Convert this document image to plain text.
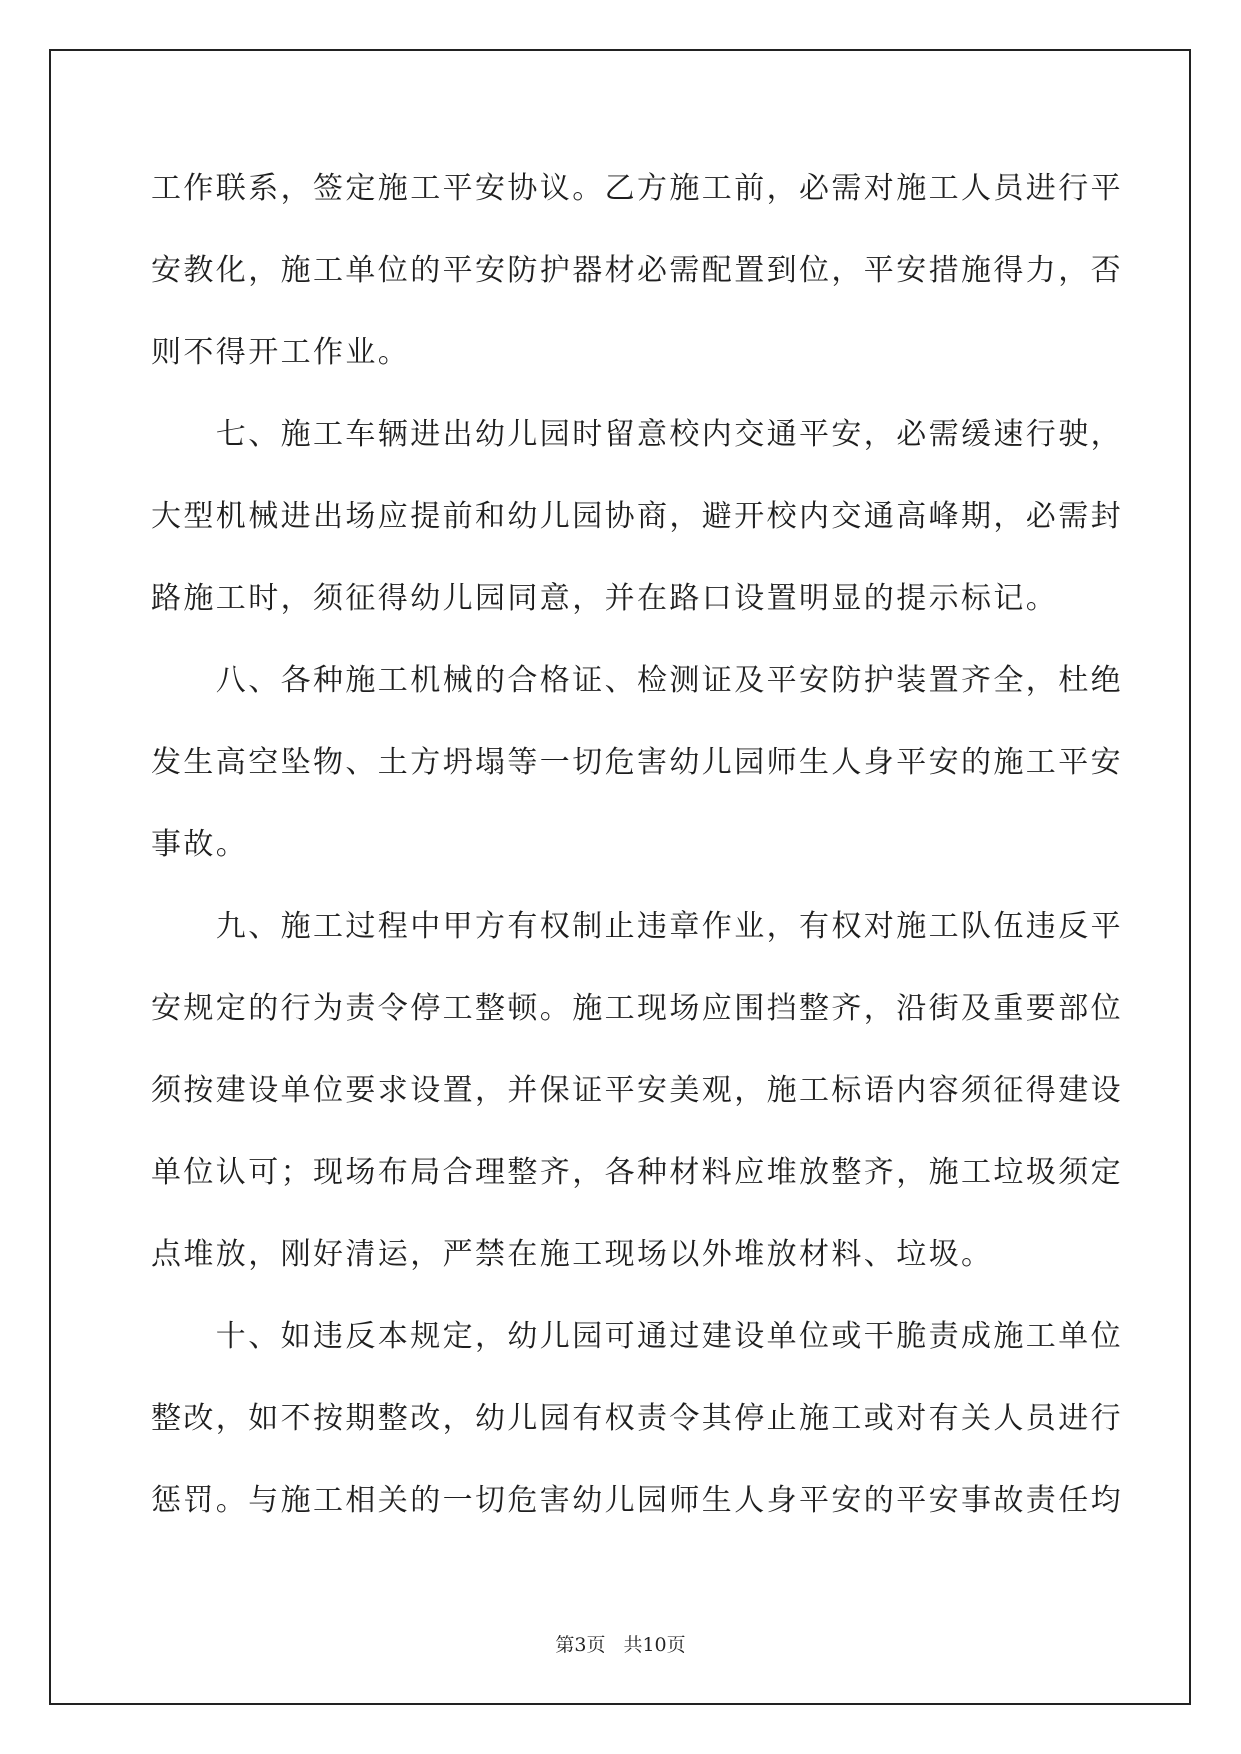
工作联系，签定施工平安协议。乙方施工前，必需对施工人员进行平
安教化，施工单位的平安防护器材必需配置到位，平安措施得力，否
则不得开工作业。
　　七、施工车辆进出幼儿园时留意校内交通平安，必需缓速行驶，
大型机械进出场应提前和幼儿园协商，避开校内交通高峰期，必需封
路施工时，须征得幼儿园同意，并在路口设置明显的提示标记。
　　八、各种施工机械的合格证、检测证及平安防护装置齐全，杜绝
发生高空坠物、土方坍塌等一切危害幼儿园师生人身平安的施工平安
事故。
　　九、施工过程中甲方有权制止违章作业，有权对施工队伍违反平
安规定的行为责令停工整顿。施工现场应围挡整齐，沿街及重要部位
须按建设单位要求设置，并保证平安美观，施工标语内容须征得建设
单位认可；现场布局合理整齐，各种材料应堆放整齐，施工垃圾须定
点堆放，刚好清运，严禁在施工现场以外堆放材料、垃圾。
　　十、如违反本规定，幼儿园可通过建设单位或干脆责成施工单位
整改，如不按期整改，幼儿园有权责令其停止施工或对有关人员进行
惩罚。与施工相关的一切危害幼儿园师生人身平安的平安事故责任均
第3页 共10页
